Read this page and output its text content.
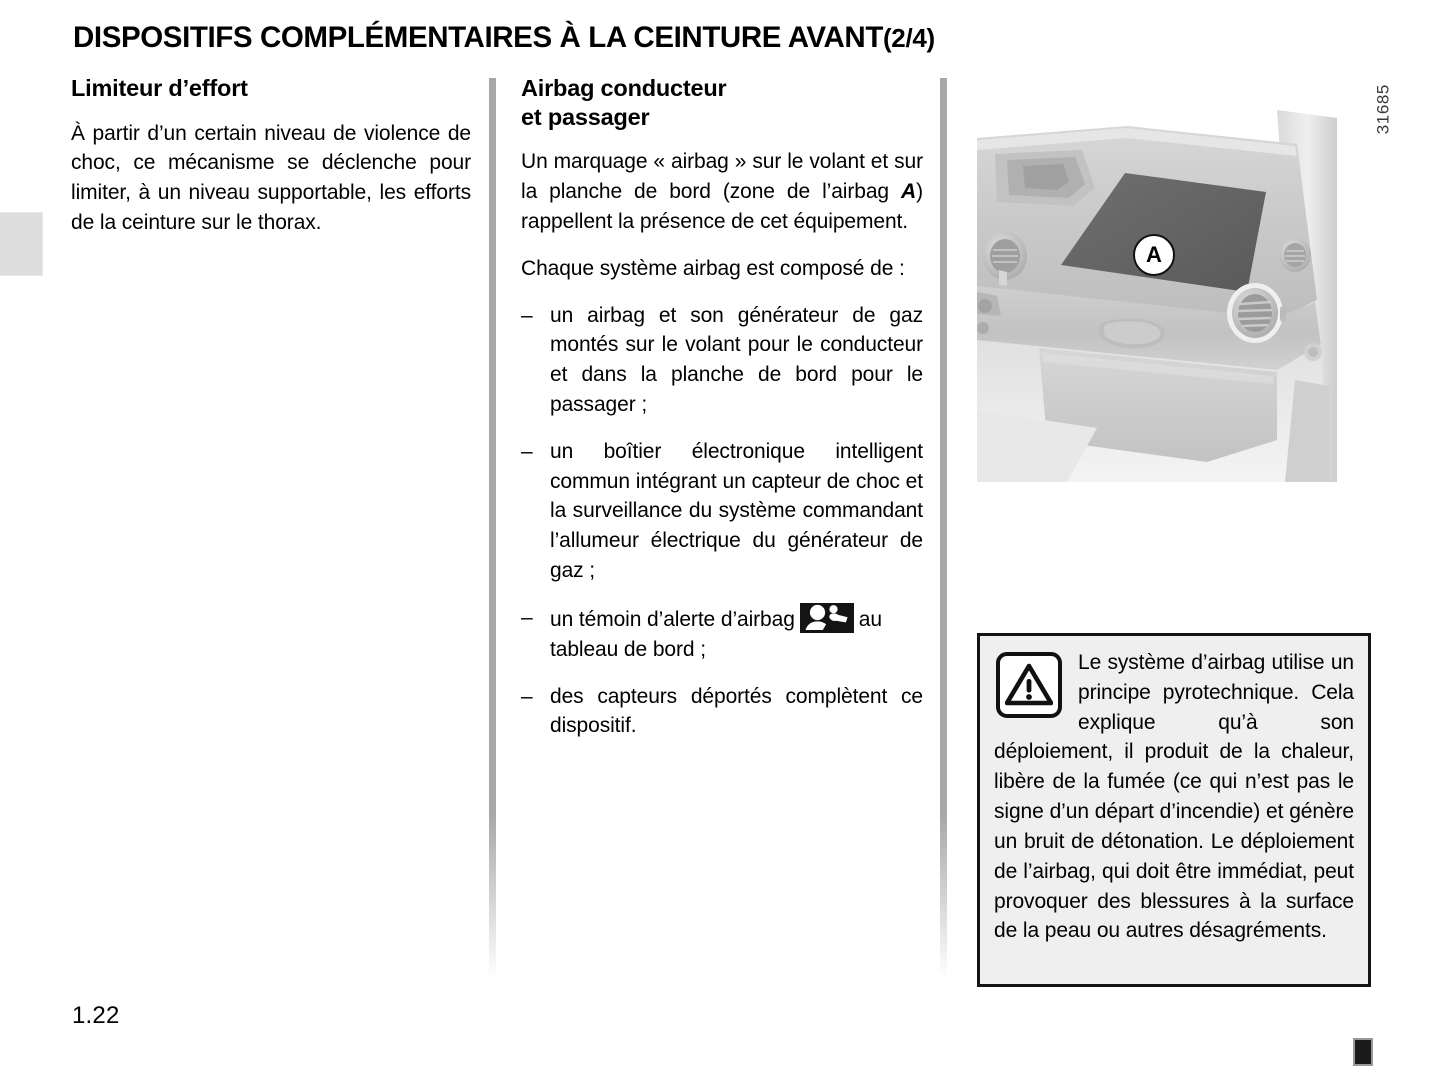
DISPOSITIFS COMPLÉMENTAIRES À LA CEINTURE AVANT(2/4)
Limiteur d’effort

À partir d’un certain niveau de violence de choc, ce mécanisme se déclenche pour limiter, à un niveau supportable, les efforts de la ceinture sur le thorax.

Airbag conducteur
et passager

Un marquage « airbag » sur le volant et sur la planche de bord (zone de l’airbag A) rappellent la présence de cet équipement.

Chaque système airbag est composé de :

– un airbag et son générateur de gaz montés sur le volant pour le conducteur et dans la planche de bord pour le passager ;
– un boîtier électronique intelligent commun intégrant un capteur de choc et la surveillance du système commandant l’allumeur électrique du générateur de gaz ;
– un témoin d’alerte d’airbag	au tableau de bord ;
– des capteurs déportés complètent ce dispositif.
31685
A

Le système d’airbag utilise un principe pyrotechnique. Cela explique qu’à son déploiement, il produit de la chaleur, libère de la fumée (ce qui n’est pas le signe d’un départ d’incendie) et génère un bruit de détonation. Le déploiement de l’airbag, qui doit être immédiat, peut provoquer des blessures à la surface de la peau ou autres désagréments.

1.22
